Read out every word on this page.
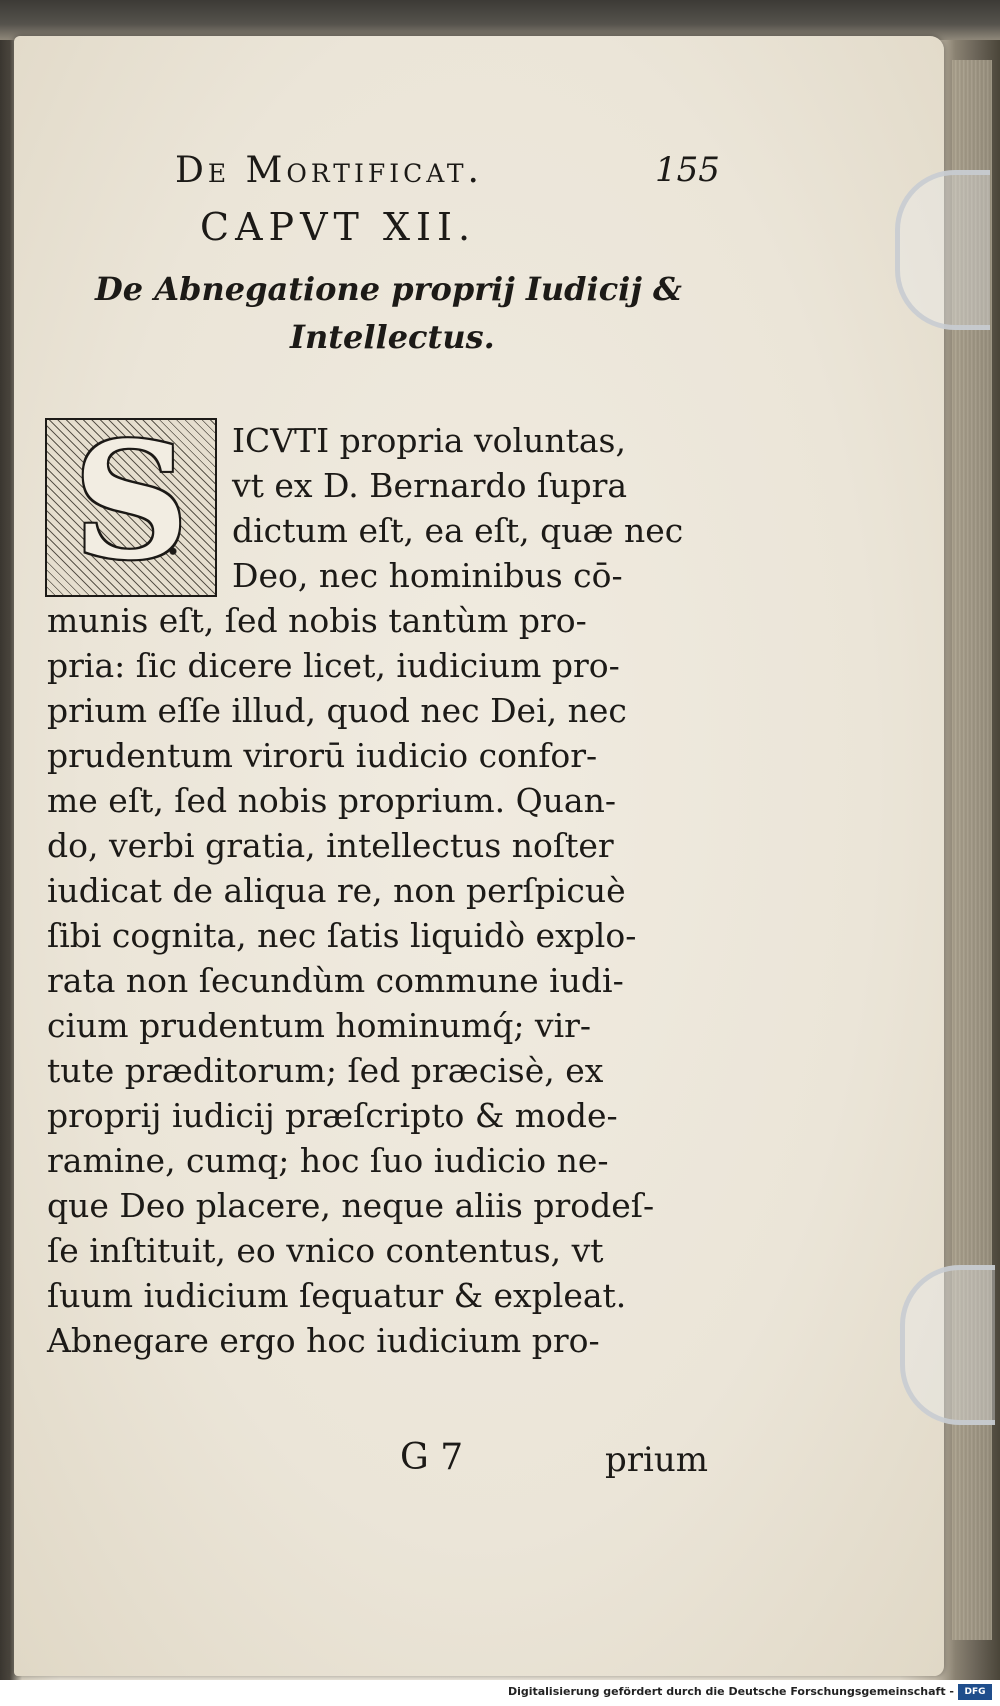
De Mortificat.	155
CAPVT XII.
De Abnegatione proprij Iudicij &
Intellectus.
S	ICVTI propria voluntas,
vt ex D. Bernardo ſupra
dictum eſt, ea eſt, quæ nec
Deo, nec hominibus cō-
munis eſt, ſed nobis tantùm pro-
pria: ſic dicere licet, iudicium pro-
prium eſſe illud, quod nec Dei, nec
prudentum virorū iudicio confor-
me eſt, ſed nobis proprium. Quan-
do, verbi gratia, intellectus noſter
iudicat de aliqua re, non perſpicuè
ſibi cognita, nec ſatis liquidò explo-
rata non ſecundùm commune iudi-
cium prudentum hominumq́; vir-
tute præditorum; ſed præcisè, ex
proprij iudicij præſcripto & mode-
ramine, cumq; hoc ſuo iudicio ne-
que Deo placere, neque aliis prodeſ-
ſe inſtituit, eo vnico contentus, vt
ſuum iudicium ſequatur & expleat.
Abnegare ergo hoc iudicium pro-
G 7	prium
Digitalisierung gefördert durch die Deutsche Forschungsgemeinschaft -	DFG
